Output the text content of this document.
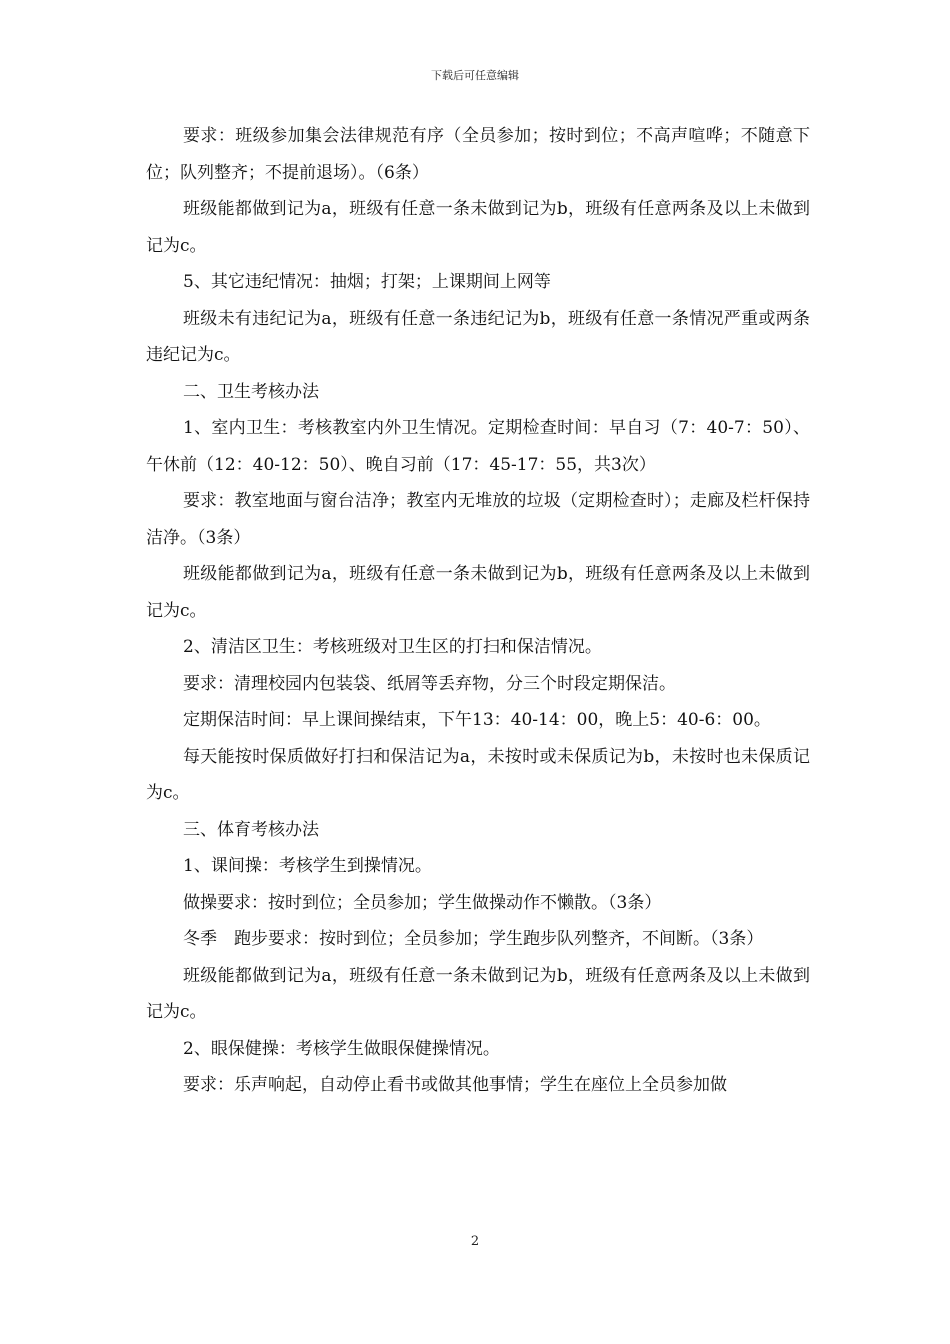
下载后可任意编辑

要求：班级参加集会法律规范有序（全员参加；按时到位；不高声喧哗；不随意下位；队列整齐；不提前退场）。（6条）

班级能都做到记为a，班级有任意一条未做到记为b，班级有任意两条及以上未做到记为c。

5、其它违纪情况：抽烟；打架；上课期间上网等

班级未有违纪记为a，班级有任意一条违纪记为b，班级有任意一条情况严重或两条违纪记为c。

二、卫生考核办法

1、室内卫生：考核教室内外卫生情况。定期检查时间：早自习（7：40-7：50）、午休前（12：40-12：50）、晚自习前（17：45-17：55，共3次）

要求：教室地面与窗台洁净；教室内无堆放的垃圾（定期检查时）；走廊及栏杆保持洁净。（3条）

班级能都做到记为a，班级有任意一条未做到记为b，班级有任意两条及以上未做到记为c。

2、清洁区卫生：考核班级对卫生区的打扫和保洁情况。

要求：清理校园内包装袋、纸屑等丢弃物，分三个时段定期保洁。

定期保洁时间：早上课间操结束，下午13：40-14：00，晚上5：40-6：00。

每天能按时保质做好打扫和保洁记为a，未按时或未保质记为b，未按时也未保质记为c。

三、体育考核办法

1、课间操：考核学生到操情况。

做操要求：按时到位；全员参加；学生做操动作不懒散。（3条）

冬季　跑步要求：按时到位；全员参加；学生跑步队列整齐，不间断。（3条）

班级能都做到记为a，班级有任意一条未做到记为b，班级有任意两条及以上未做到记为c。

2、眼保健操：考核学生做眼保健操情况。

要求：乐声响起，自动停止看书或做其他事情；学生在座位上全员参加做

2
